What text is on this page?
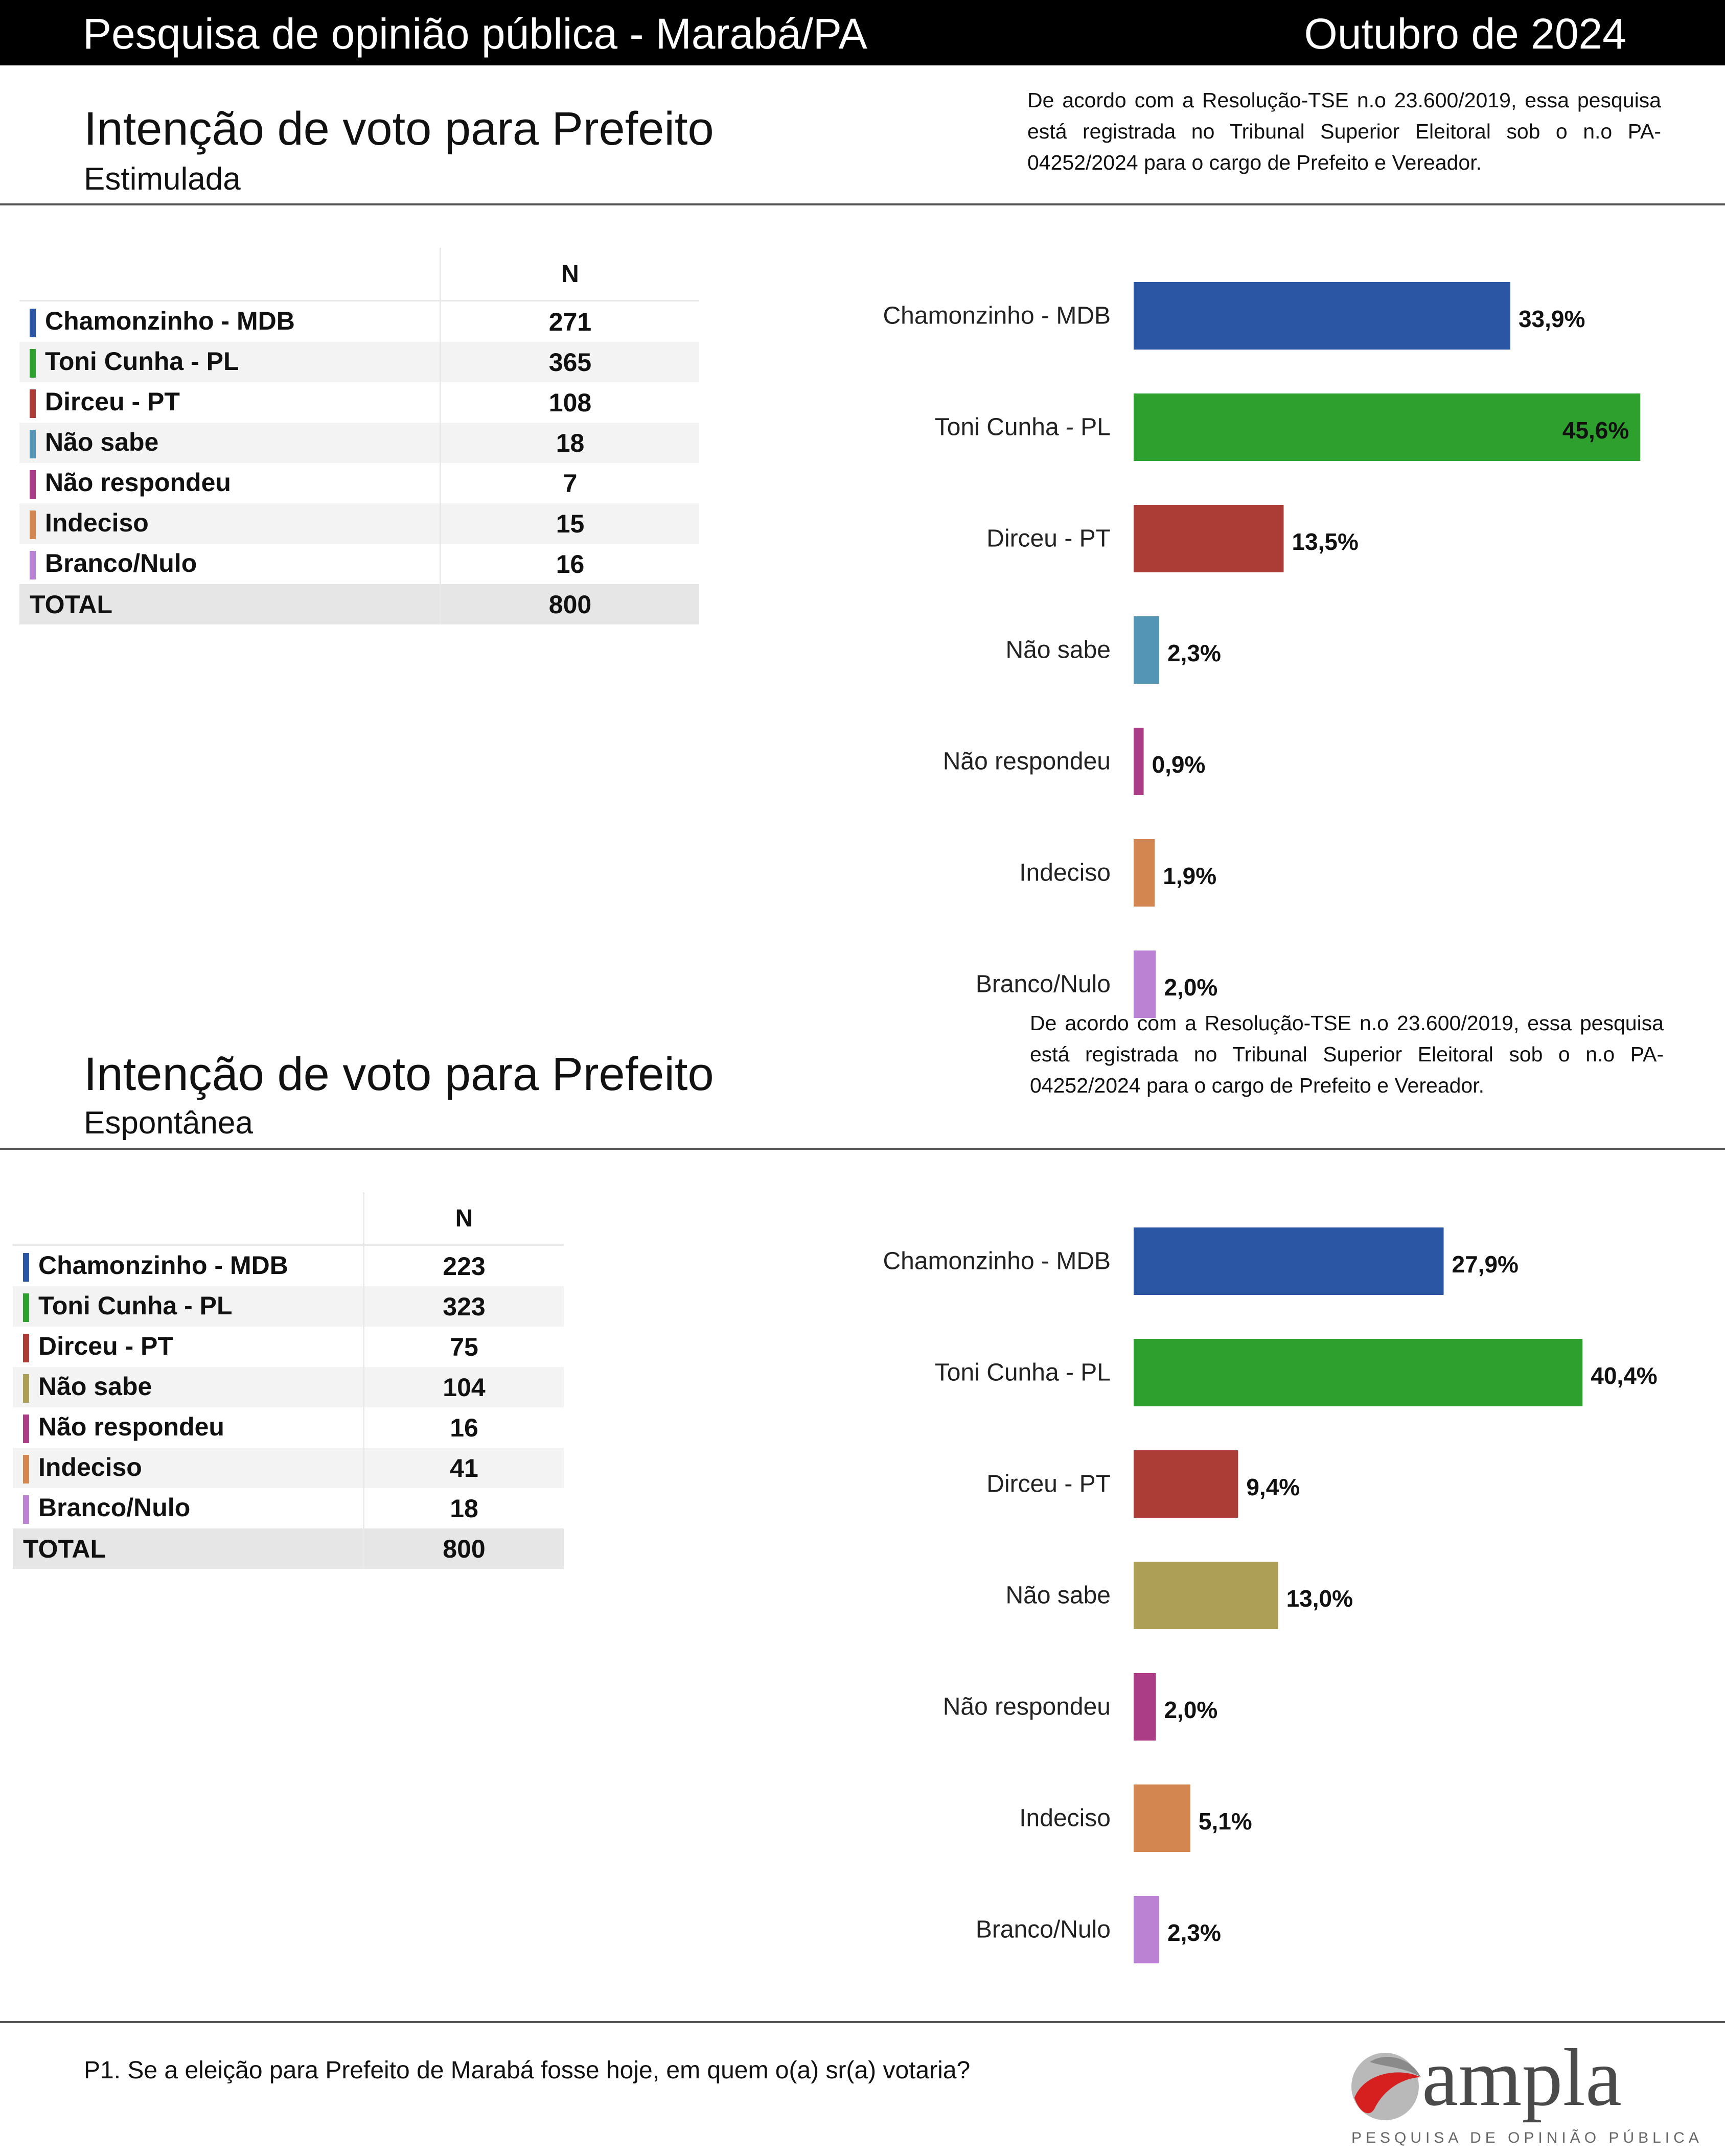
Pesquisa de opinião pública - Marabá/PA	Outubro de 2024
Intenção de voto para Prefeito
Estimulada
De acordo com a Resolução-TSE n.o 23.600/2019, essa pesquisa está registrada no Tribunal Superior Eleitoral sob o n.o PA-04252/2024 para o cargo de Prefeito e Vereador.
	N
Chamonzinho - MDB	271
Toni Cunha - PL	365
Dirceu - PT	108
Não sabe	18
Não respondeu	7
Indeciso	15
Branco/Nulo	16
TOTAL	800
Chamonzinho - MDB	33,9%
Toni Cunha - PL	45,6%
Dirceu - PT	13,5%
Não sabe 2,3%
Não respondeu 0,9%
Indeciso 1,9%
Branco/Nulo 2,0%
Intenção de voto para Prefeito
Espontânea
De acordo com a Resolução-TSE n.o 23.600/2019, essa pesquisa está registrada no Tribunal Superior Eleitoral sob o n.o PA-04252/2024 para o cargo de Prefeito e Vereador.
	N
Chamonzinho - MDB	223
Toni Cunha - PL	323
Dirceu - PT	75
Não sabe	104
Não respondeu	16
Indeciso	41
Branco/Nulo	18
TOTAL	800
Chamonzinho - MDB	27,9%
Toni Cunha - PL	40,4%
Dirceu - PT	9,4%
Não sabe	13,0%
Não respondeu 2,0%
Indeciso	5,1%
Branco/Nulo 2,3%
P1. Se a eleição para Prefeito de Marabá fosse hoje, em quem o(a) sr(a) votaria?	ampla
PESQUISA DE OPINIÃO PÚBLICA
